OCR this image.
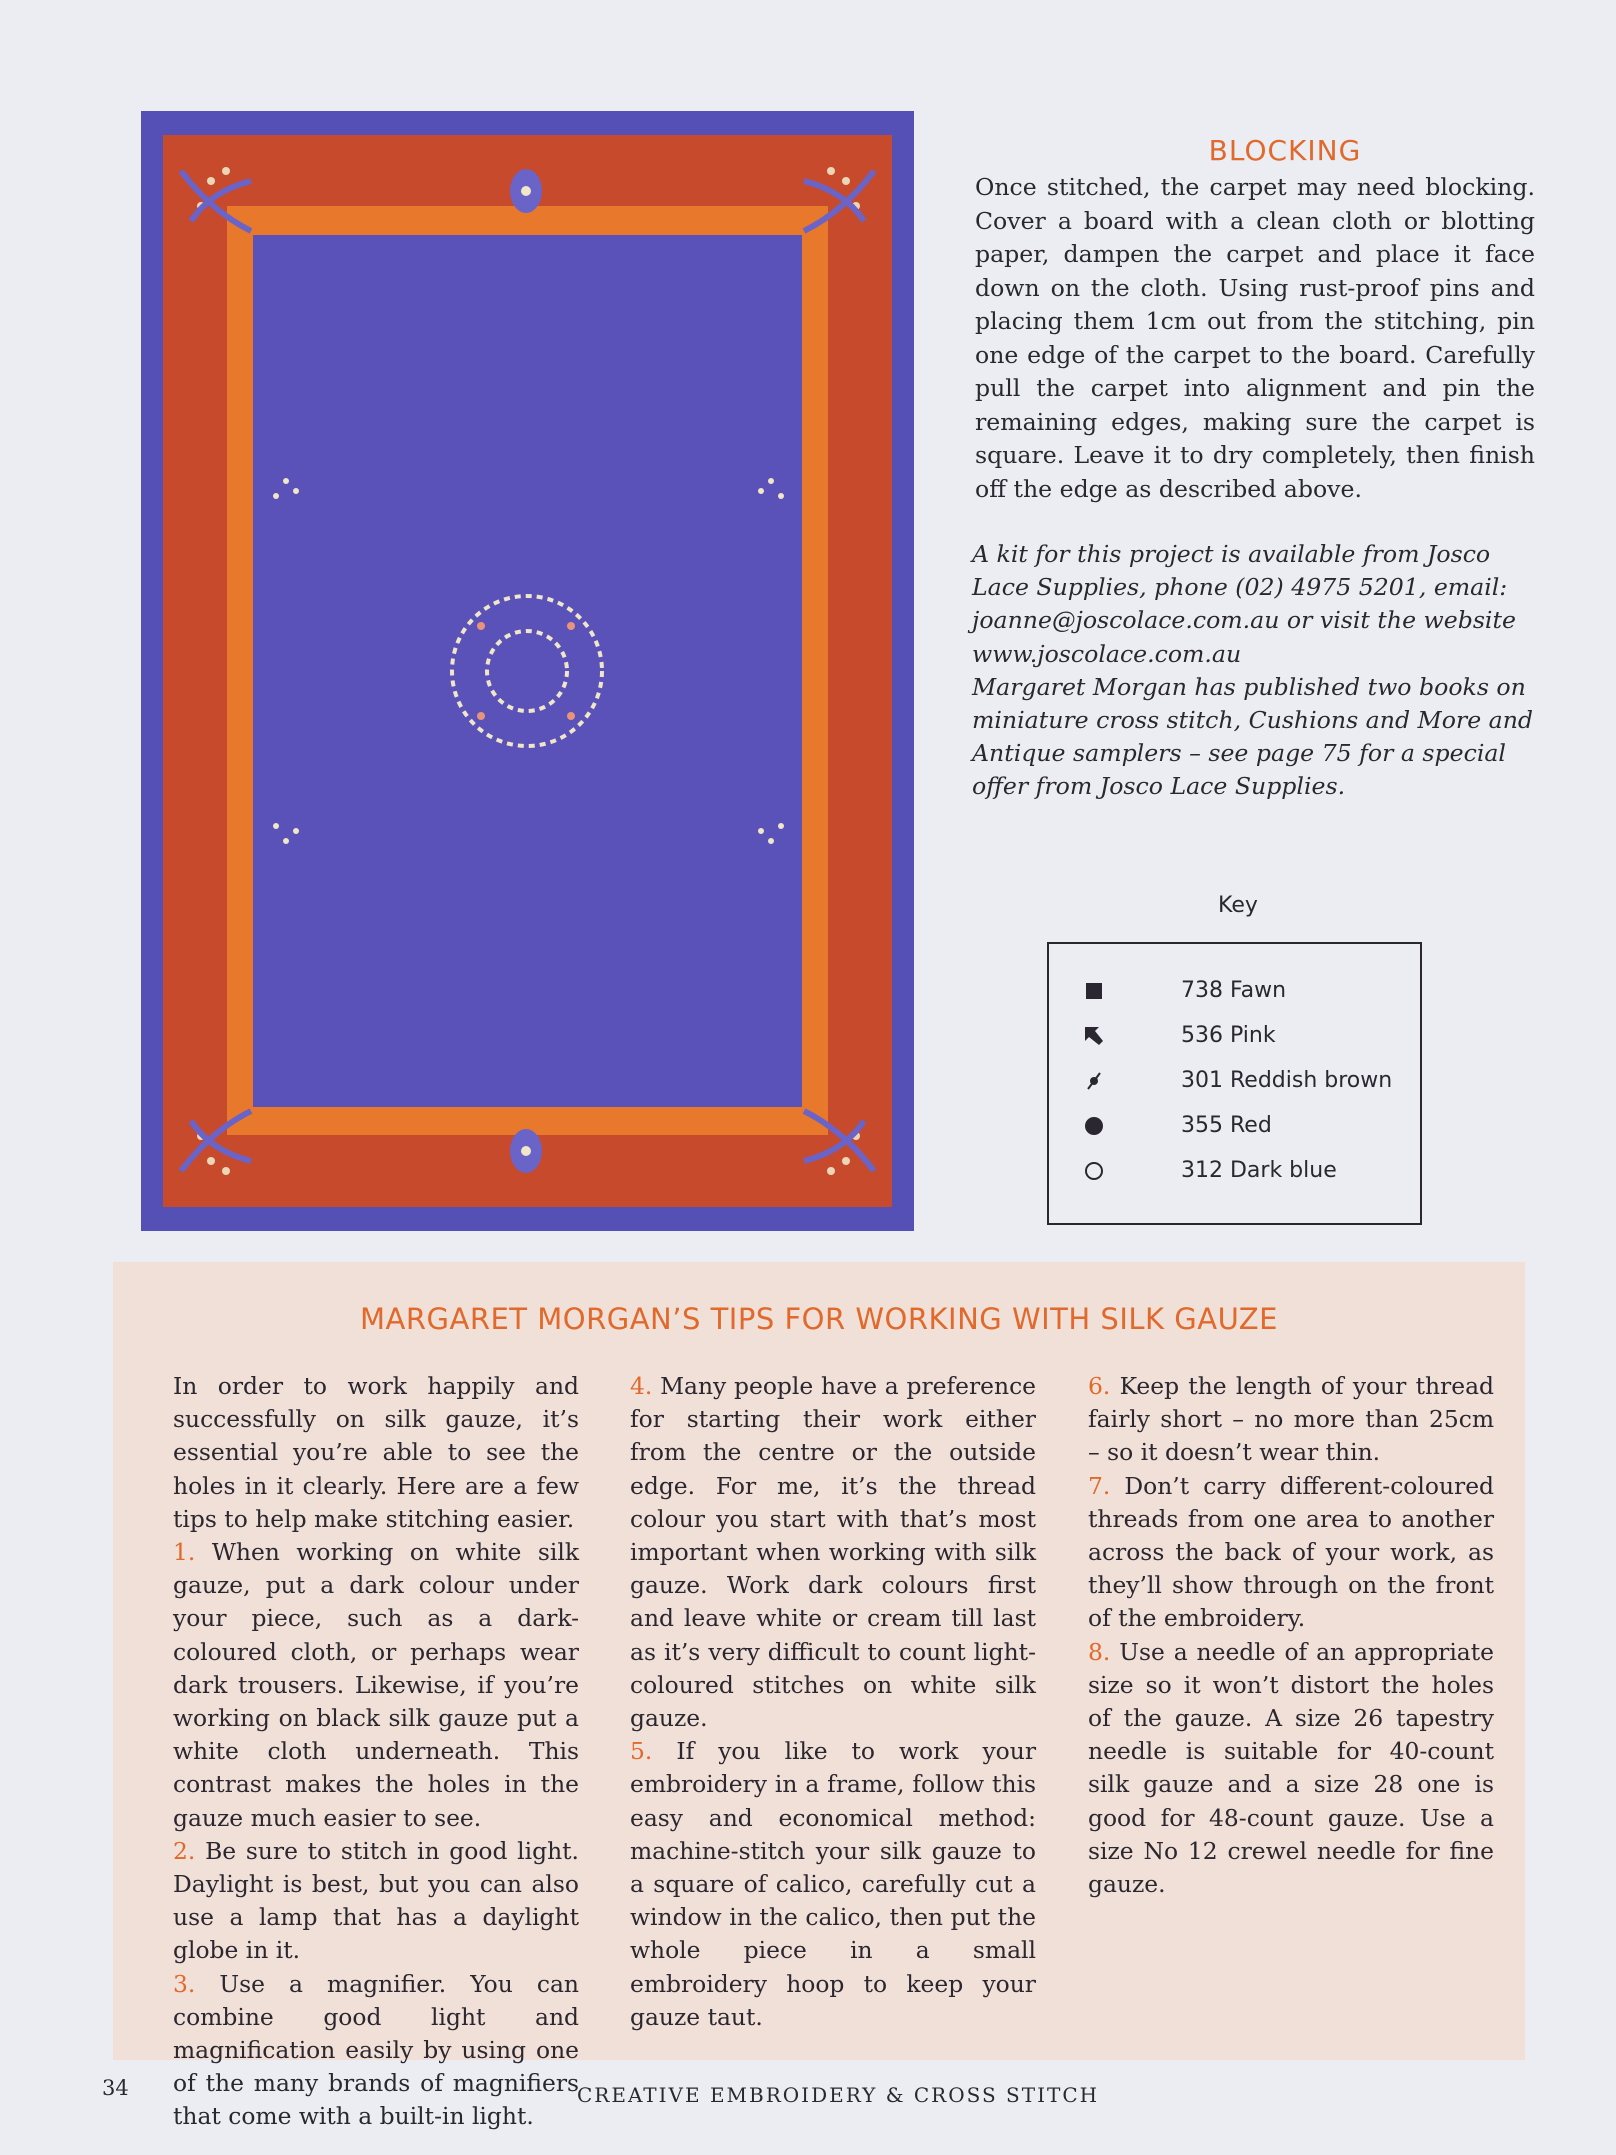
BLOCKING

Once stitched, the carpet may need blocking. Cover a board with a clean cloth or blotting paper, dampen the carpet and place it face down on the cloth. Using rust-proof pins and placing them 1cm out from the stitching, pin one edge of the carpet to the board. Carefully pull the carpet into alignment and pin the remaining edges, making sure the carpet is square. Leave it to dry completely, then finish off the edge as described above.

A kit for this project is available from Josco Lace Supplies, phone (02) 4975 5201, email: joanne@joscolace.com.au or visit the website www.joscolace.com.au

Margaret Morgan has published two books on miniature cross stitch, Cushions and More and Antique samplers – see page 75 for a special offer from Josco Lace Supplies.

Key
738 Fawn
536 Pink
301 Reddish brown
355 Red
312 Dark blue
MARGARET MORGAN’S TIPS FOR WORKING WITH SILK GAUZE

In order to work happily and successfully on silk gauze, it’s essential you’re able to see the holes in it clearly. Here are a few tips to help make stitching easier.

1. When working on white silk gauze, put a dark colour under your piece, such as a dark-coloured cloth, or perhaps wear dark trousers. Likewise, if you’re working on black silk gauze put a white cloth underneath. This contrast makes the holes in the gauze much easier to see.

2. Be sure to stitch in good light. Daylight is best, but you can also use a lamp that has a daylight globe in it.

3. Use a magnifier. You can combine good light and magnification easily by using one of the many brands of magnifiers that come with a built-in light.

4. Many people have a preference for starting their work either from the centre or the outside edge. For me, it’s the thread colour you start with that’s most important when working with silk gauze. Work dark colours first and leave white or cream till last as it’s very difficult to count light-coloured stitches on white silk gauze.

5. If you like to work your embroidery in a frame, follow this easy and economical method: machine-stitch your silk gauze to a square of calico, carefully cut a window in the calico, then put the whole piece in a small embroidery hoop to keep your gauze taut.

6. Keep the length of your thread fairly short – no more than 25cm – so it doesn’t wear thin.

7. Don’t carry different-coloured threads from one area to another across the back of your work, as they’ll show through on the front of the embroidery.

8. Use a needle of an appropriate size so it won’t distort the holes of the gauze. A size 26 tapestry needle is suitable for 40-count silk gauze and a size 28 one is good for 48-count gauze. Use a size No 12 crewel needle for fine gauze.

34	CREATIVE EMBROIDERY & CROSS STITCH
